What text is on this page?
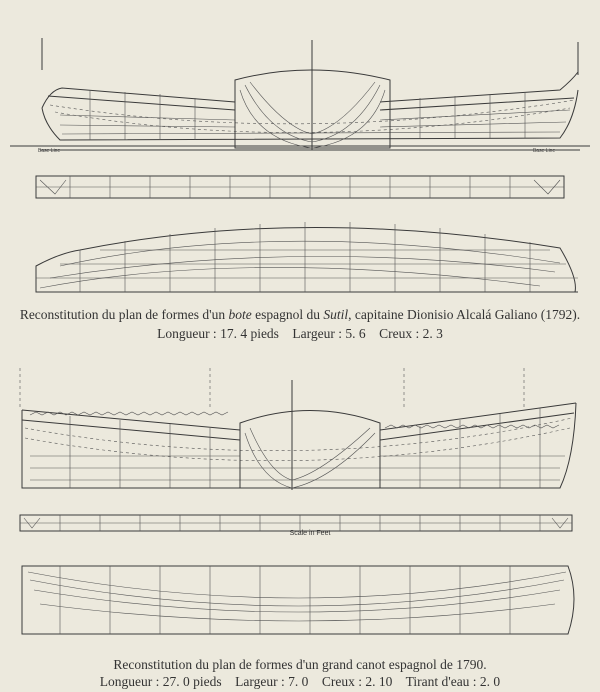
Base Line	Base Line
Reconstitution du plan de formes d'un bote espagnol du Sutil, capitaine Dionisio Alcalá Galiano (1792).
Longueur : 17. 4 pieds    Largeur : 5. 6    Creux : 2. 3
Scale in Feet
Reconstitution du plan de formes d'un grand canot espagnol de 1790.
Longueur : 27. 0 pieds    Largeur : 7. 0    Creux : 2. 10    Tirant d'eau : 2. 0
